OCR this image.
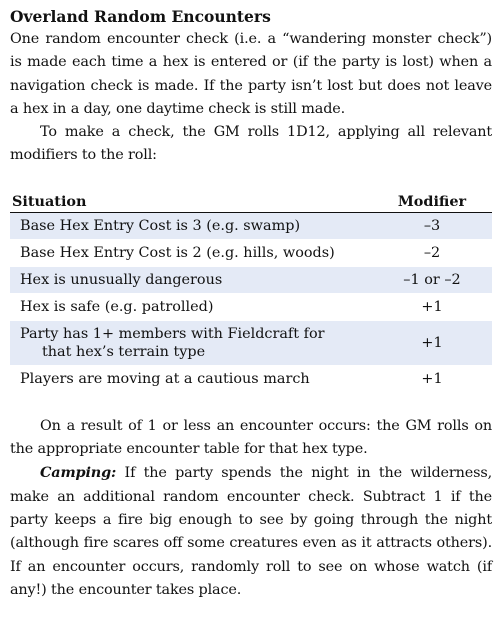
Overland Random Encounters

One random encounter check (i.e. a “wandering monster check”) is made each time a hex is entered or (if the party is lost) when a navigation check is made. If the party isn’t lost but does not leave a hex in a day, one daytime check is still made.

To make a check, the GM rolls 1D12, applying all relevant modifiers to the roll:

Situation	Modifier
Base Hex Entry Cost is 3 (e.g. swamp)	–3
Base Hex Entry Cost is 2 (e.g. hills, woods)	–2
Hex is unusually dangerous	–1 or –2
Hex is safe (e.g. patrolled)	+1
Party has 1+ members with Fieldcraft for
that hex’s terrain type
+1
Players are moving at a cautious march	+1

On a result of 1 or less an encounter occurs: the GM rolls on the appropriate encounter table for that hex type.

Camping: If the party spends the night in the wilderness, make an additional random encounter check. Subtract 1 if the party keeps a fire big enough to see by going through the night (although fire scares off some creatures even as it attracts others). If an encounter occurs, randomly roll to see on whose watch (if any!) the encounter takes place.
